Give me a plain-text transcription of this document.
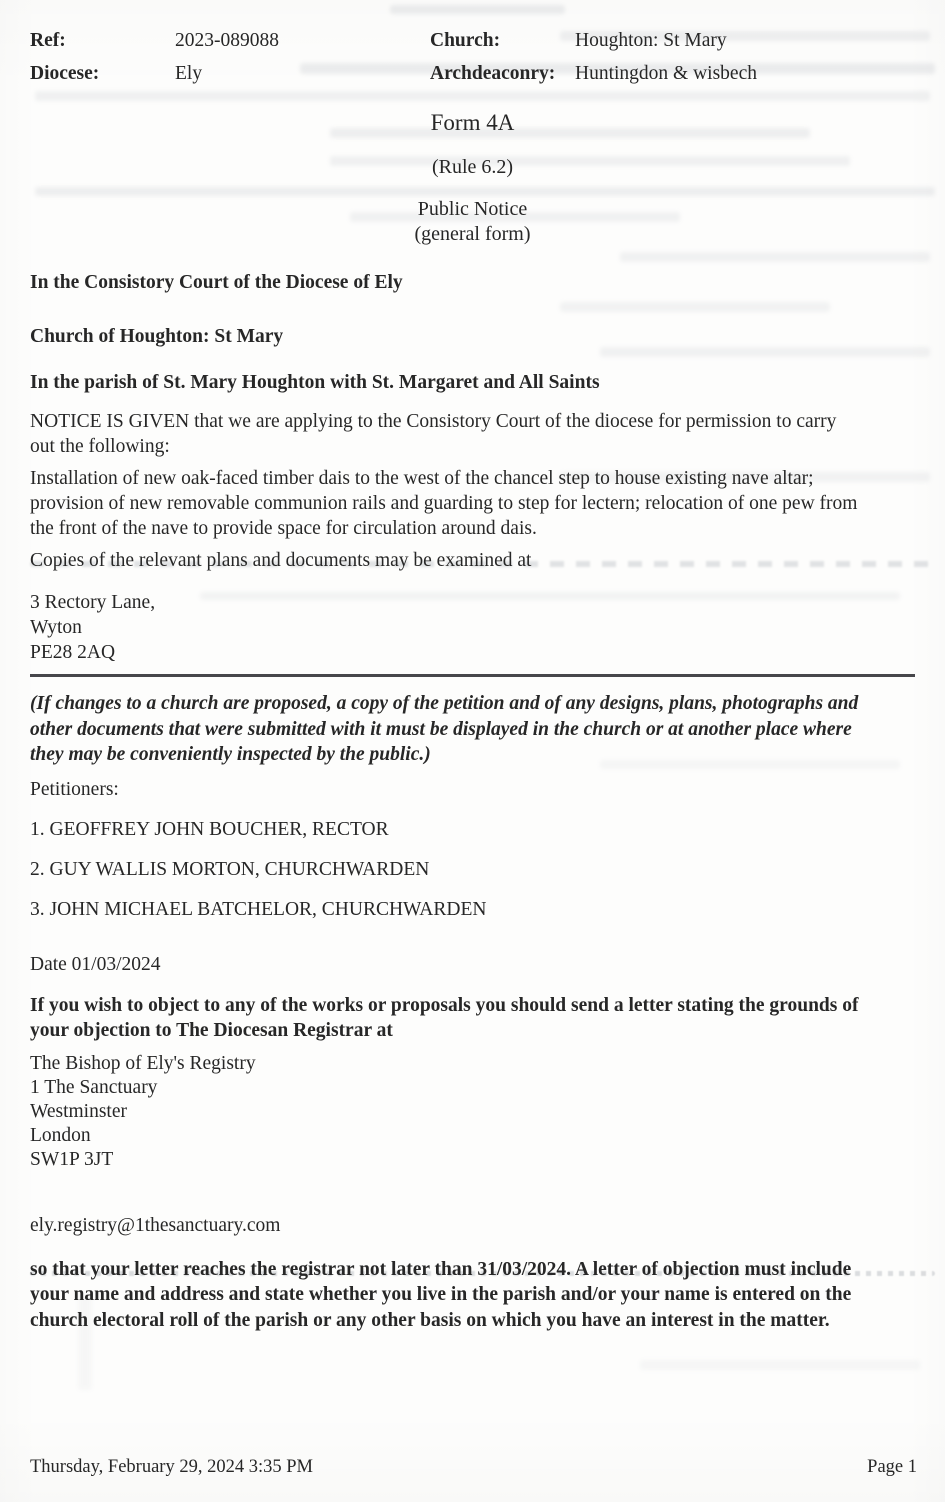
Ref:	2023-089088	Church:	Houghton: St Mary
Diocese:	Ely	Archdeaconry:	Huntingdon & wisbech
Form 4A
(Rule 6.2)
Public Notice
(general form)
In the Consistory Court of the Diocese of Ely
Church of Houghton: St Mary
In the parish of St. Mary Houghton with St. Margaret and All Saints
NOTICE IS GIVEN that we are applying to the Consistory Court of the diocese for permission to carry
out the following:
Installation of new oak-faced timber dais to the west of the chancel step to house existing nave altar;
provision of new removable communion rails and guarding to step for lectern; relocation of one pew from
the front of the nave to provide space for circulation around dais.
Copies of the relevant plans and documents may be examined at
3 Rectory Lane,
Wyton
PE28 2AQ
(If changes to a church are proposed, a copy of the petition and of any designs, plans, photographs and
other documents that were submitted with it must be displayed in the church or at another place where
they may be conveniently inspected by the public.)
Petitioners:
1. GEOFFREY JOHN BOUCHER, RECTOR
2. GUY WALLIS MORTON, CHURCHWARDEN
3. JOHN MICHAEL BATCHELOR, CHURCHWARDEN
Date 01/03/2024
If you wish to object to any of the works or proposals you should send a letter stating the grounds of
your objection to The Diocesan Registrar at
The Bishop of Ely's Registry
1 The Sanctuary
Westminster
London
SW1P 3JT
ely.registry@1thesanctuary.com
so that your letter reaches the registrar not later than 31/03/2024. A letter of objection must include
your name and address and state whether you live in the parish and/or your name is entered on the
church electoral roll of the parish or any other basis on which you have an interest in the matter.
Thursday, February 29, 2024 3:35 PM	Page 1
